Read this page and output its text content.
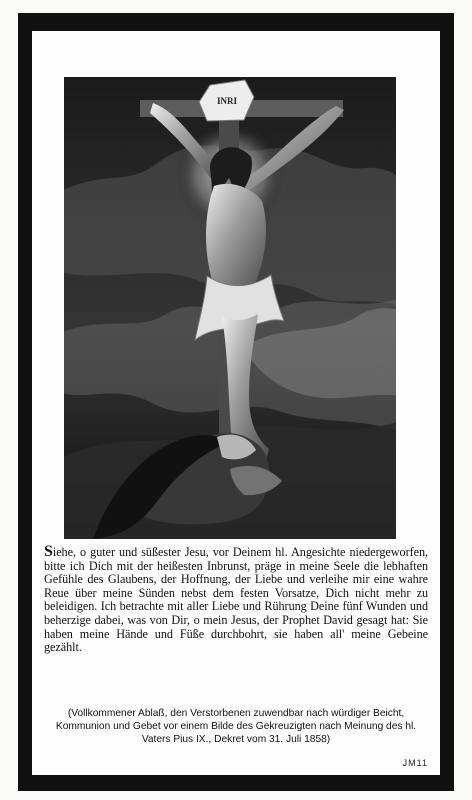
INRI

Siehe, o guter und süßester Jesu, vor Deinem hl. Angesichte niedergeworfen, bitte ich Dich mit der heißesten Inbrunst, präge in meine Seele die lebhaften Gefühle des Glaubens, der Hoffnung, der Liebe und verleihe mir eine wahre Reue über meine Sünden nebst dem festen Vorsatze, Dich nicht mehr zu beleidigen. Ich betrachte mit aller Liebe und Rührung Deine fünf Wunden und beherzige dabei, was von Dir, o mein Jesus, der Prophet David gesagt hat: Sie haben meine Hände und Füße durchbohrt, sie haben all' meine Gebeine gezählt.

(Vollkommener Ablaß, den Verstorbenen zuwendbar nach würdiger Beicht, Kommunion und Gebet vor einem Bilde des Gekreuzigten nach Meinung des hl. Vaters Pius IX., Dekret vom 31. Juli 1858)

JM11
